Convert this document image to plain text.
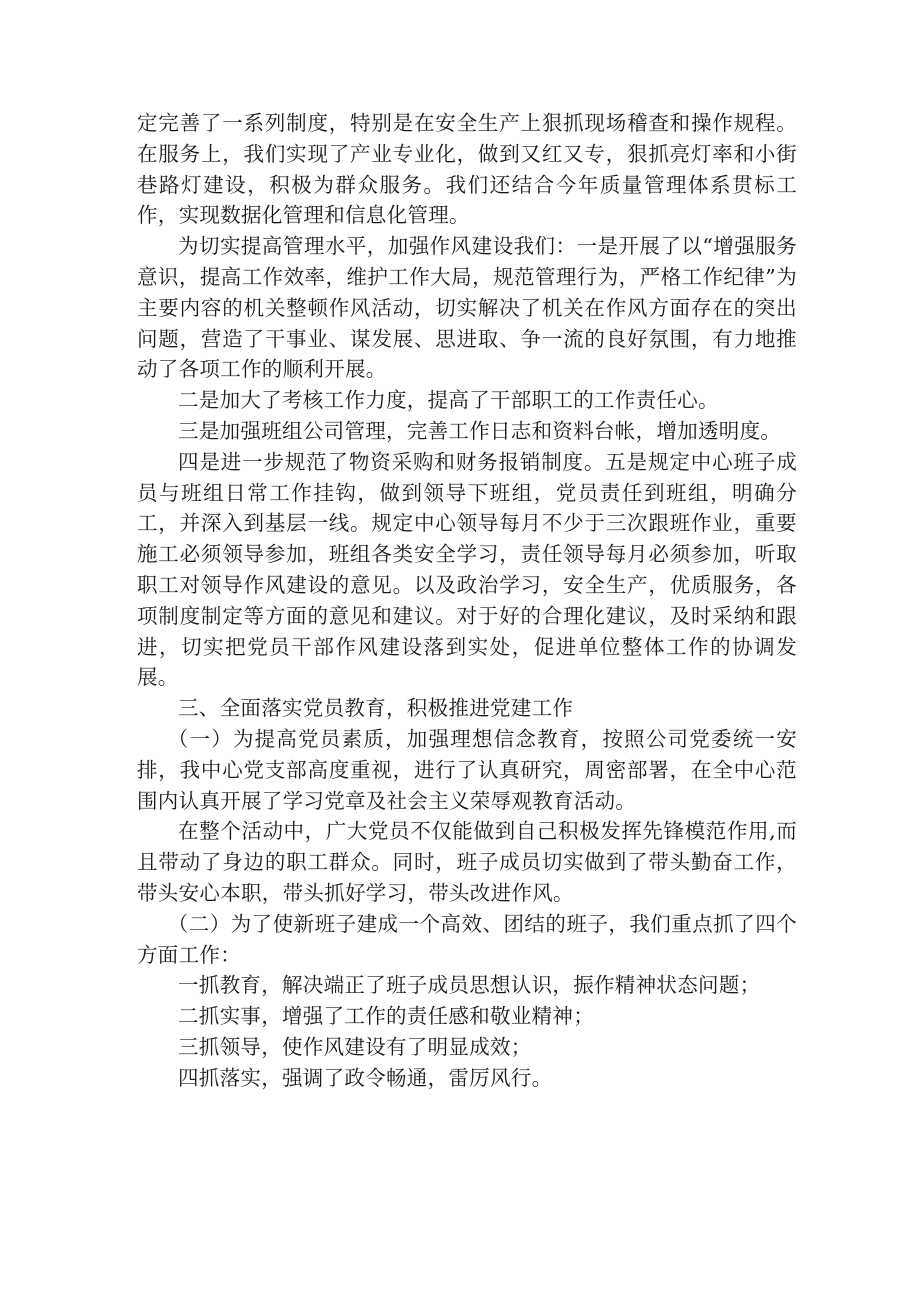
定完善了一系列制度，特别是在安全生产上狠抓现场稽查和操作规程。在服务上，我们实现了产业专业化，做到又红又专，狠抓亮灯率和小街巷路灯建设，积极为群众服务。我们还结合今年质量管理体系贯标工作，实现数据化管理和信息化管理。

为切实提高管理水平，加强作风建设我们：一是开展了以“增强服务意识，提高工作效率，维护工作大局，规范管理行为，严格工作纪律”为主要内容的机关整顿作风活动，切实解决了机关在作风方面存在的突出问题，营造了干事业、谋发展、思进取、争一流的良好氛围，有力地推动了各项工作的顺利开展。

二是加大了考核工作力度，提高了干部职工的工作责任心。

三是加强班组公司管理，完善工作日志和资料台帐，增加透明度。

四是进一步规范了物资采购和财务报销制度。五是规定中心班子成员与班组日常工作挂钩，做到领导下班组，党员责任到班组，明确分工，并深入到基层一线。规定中心领导每月不少于三次跟班作业，重要施工必须领导参加，班组各类安全学习，责任领导每月必须参加，听取职工对领导作风建设的意见。以及政治学习，安全生产，优质服务，各项制度制定等方面的意见和建议。对于好的合理化建议，及时采纳和跟进，切实把党员干部作风建设落到实处，促进单位整体工作的协调发展。

三、全面落实党员教育，积极推进党建工作

（一）为提高党员素质，加强理想信念教育，按照公司党委统一安排，我中心党支部高度重视，进行了认真研究，周密部署，在全中心范围内认真开展了学习党章及社会主义荣辱观教育活动。

在整个活动中，广大党员不仅能做到自己积极发挥先锋模范作用,而且带动了身边的职工群众。同时，班子成员切实做到了带头勤奋工作，带头安心本职，带头抓好学习，带头改进作风。

（二）为了使新班子建成一个高效、团结的班子，我们重点抓了四个方面工作：

一抓教育，解决端正了班子成员思想认识，振作精神状态问题；

二抓实事，增强了工作的责任感和敬业精神；

三抓领导，使作风建设有了明显成效；

四抓落实，强调了政令畅通，雷厉风行。
